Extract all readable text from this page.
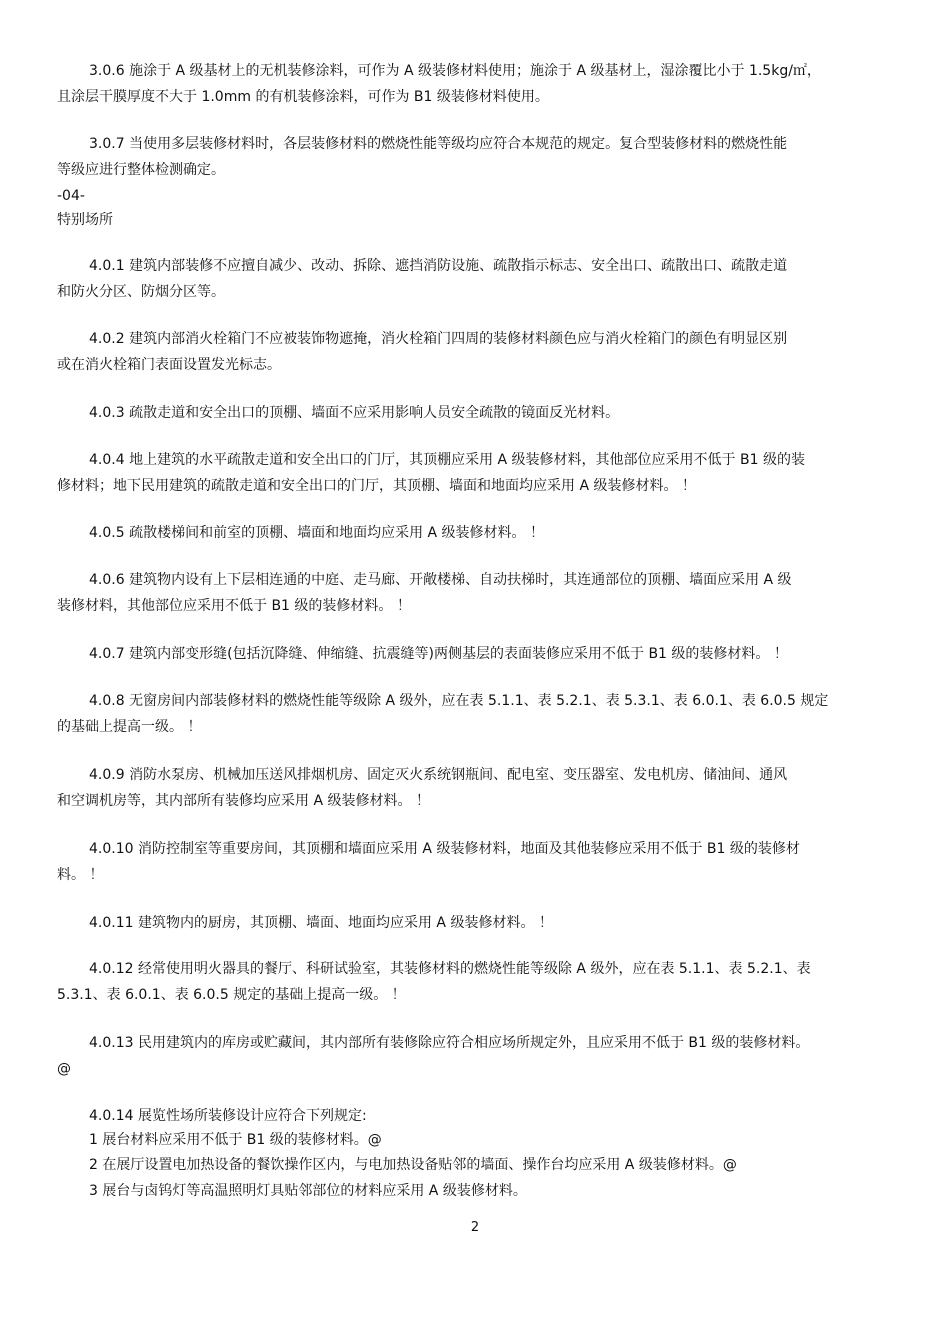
3.0.6 施涂于 A 级基材上的无机装修涂料，可作为 A 级装修材料使用；施涂于 A 级基材上，湿涂覆比小于 1.5kg/㎡，
且涂层干膜厚度不大于 1.0mm 的有机装修涂料，可作为 B1 级装修材料使用。
3.0.7 当使用多层装修材料时，各层装修材料的燃烧性能等级均应符合本规范的规定。复合型装修材料的燃烧性能
等级应进行整体检测确定。
-04-
特别场所
4.0.1 建筑内部装修不应擅自减少、改动、拆除、遮挡消防设施、疏散指示标志、安全出口、疏散出口、疏散走道
和防火分区、防烟分区等。
4.0.2 建筑内部消火栓箱门不应被装饰物遮掩，消火栓箱门四周的装修材料颜色应与消火栓箱门的颜色有明显区别
或在消火栓箱门表面设置发光标志。
4.0.3 疏散走道和安全出口的顶棚、墙面不应采用影响人员安全疏散的镜面反光材料。
4.0.4 地上建筑的水平疏散走道和安全出口的门厅，其顶棚应采用 A 级装修材料，其他部位应采用不低于 B1 级的装
修材料；地下民用建筑的疏散走道和安全出口的门厅，其顶棚、墙面和地面均应采用 A 级装修材料。 ！
4.0.5 疏散楼梯间和前室的顶棚、墙面和地面均应采用 A 级装修材料。 ！
4.0.6 建筑物内设有上下层相连通的中庭、走马廊、开敞楼梯、自动扶梯时，其连通部位的顶棚、墙面应采用 A 级
装修材料，其他部位应采用不低于 B1 级的装修材料。 ！
4.0.7 建筑内部变形缝(包括沉降缝、伸缩缝、抗震缝等)两侧基层的表面装修应采用不低于 B1 级的装修材料。 ！
4.0.8 无窗房间内部装修材料的燃烧性能等级除 A 级外，应在表 5.1.1、表 5.2.1、表 5.3.1、表 6.0.1、表 6.0.5 规定
的基础上提高一级。 ！
4.0.9 消防水泵房、机械加压送风排烟机房、固定灭火系统钢瓶间、配电室、变压器室、发电机房、储油间、通风
和空调机房等，其内部所有装修均应采用 A 级装修材料。 ！
4.0.10 消防控制室等重要房间，其顶棚和墙面应采用 A 级装修材料，地面及其他装修应采用不低于 B1 级的装修材
料。 ！
4.0.11 建筑物内的厨房，其顶棚、墙面、地面均应采用 A 级装修材料。 ！
4.0.12 经常使用明火器具的餐厅、科研试验室，其装修材料的燃烧性能等级除 A 级外，应在表 5.1.1、表 5.2.1、表
5.3.1、表 6.0.1、表 6.0.5 规定的基础上提高一级。 ！
4.0.13 民用建筑内的库房或贮藏间，其内部所有装修除应符合相应场所规定外，且应采用不低于 B1 级的装修材料。
@
4.0.14 展览性场所装修设计应符合下列规定:
1 展台材料应采用不低于 B1 级的装修材料。@
2 在展厅设置电加热设备的餐饮操作区内，与电加热设备贴邻的墙面、操作台均应采用 A 级装修材料。@
3 展台与卤钨灯等高温照明灯具贴邻部位的材料应采用 A 级装修材料。
2
